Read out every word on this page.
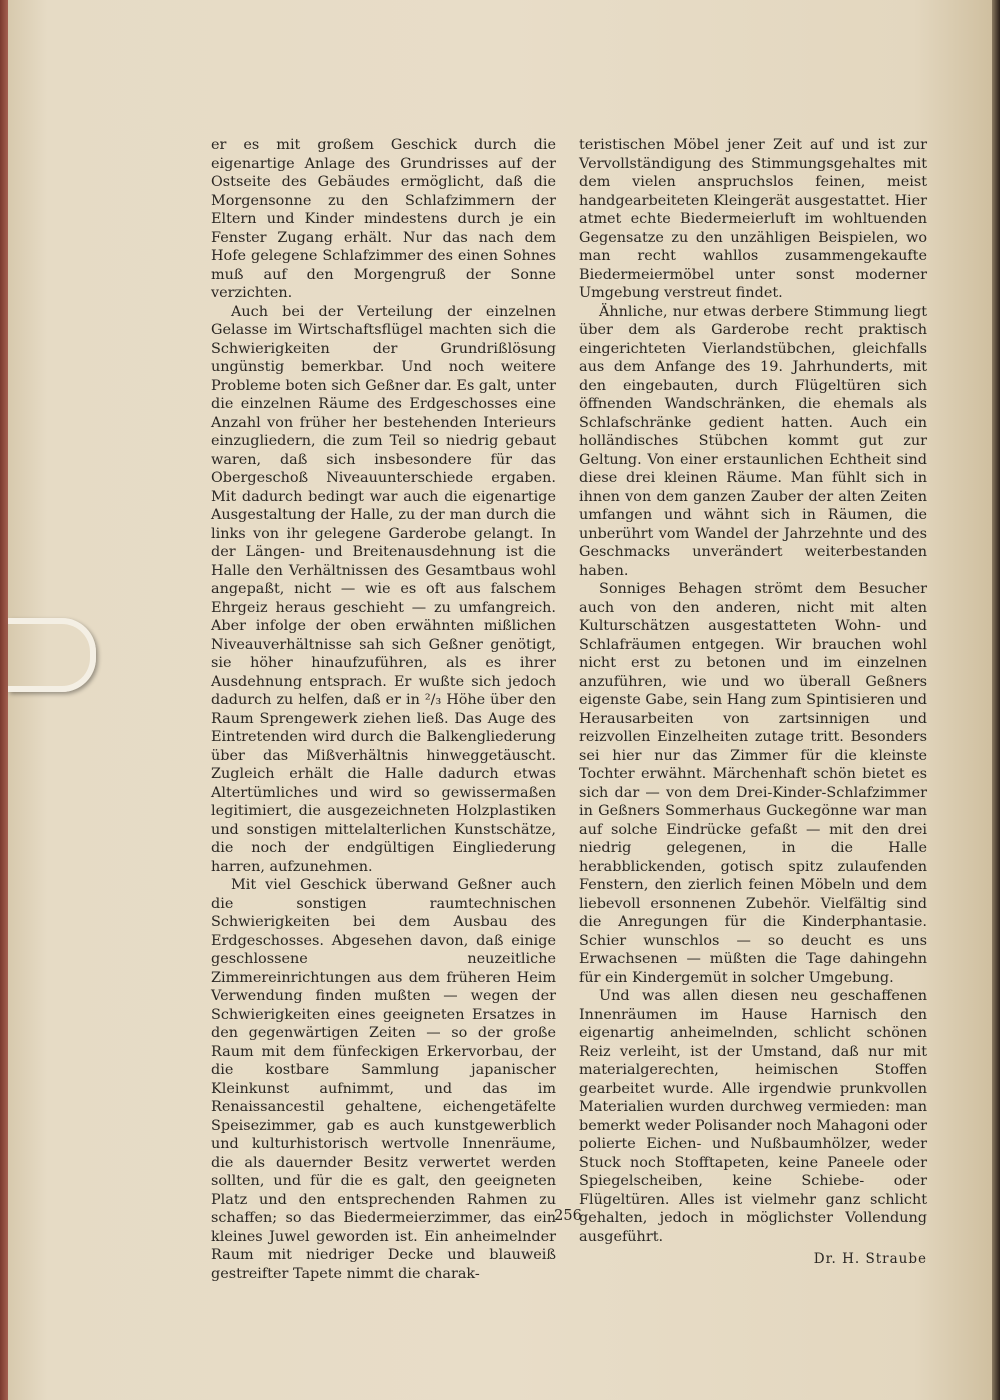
er es mit großem Geschick durch die eigenartige Anlage des Grundrisses auf der Ostseite des Gebäudes ermöglicht, daß die Morgensonne zu den Schlafzimmern der Eltern und Kinder mindestens durch je ein Fenster Zugang erhält. Nur das nach dem Hofe gelegene Schlafzimmer des einen Sohnes muß auf den Morgengruß der Sonne verzichten.

Auch bei der Verteilung der einzelnen Gelasse im Wirtschaftsflügel machten sich die Schwierigkeiten der Grundrißlösung ungünstig bemerkbar. Und noch weitere Probleme boten sich Geßner dar. Es galt, unter die einzelnen Räume des Erdgeschosses eine Anzahl von früher her bestehenden Interieurs einzugliedern, die zum Teil so niedrig gebaut waren, daß sich insbesondere für das Obergeschoß Niveauunterschiede ergaben. Mit dadurch bedingt war auch die eigenartige Ausgestaltung der Halle, zu der man durch die links von ihr gelegene Garderobe gelangt. In der Längen- und Breitenausdehnung ist die Halle den Verhältnissen des Gesamtbaus wohl angepaßt, nicht — wie es oft aus falschem Ehrgeiz heraus geschieht — zu umfangreich. Aber infolge der oben erwähnten mißlichen Niveauverhältnisse sah sich Geßner genötigt, sie höher hinaufzuführen, als es ihrer Ausdehnung entsprach. Er wußte sich jedoch dadurch zu helfen, daß er in ²/₃ Höhe über den Raum Sprengewerk ziehen ließ. Das Auge des Eintretenden wird durch die Balkengliederung über das Mißverhältnis hinweggetäuscht. Zugleich erhält die Halle dadurch etwas Altertümliches und wird so gewissermaßen legitimiert, die ausgezeichneten Holzplastiken und sonstigen mittelalterlichen Kunstschätze, die noch der endgültigen Eingliederung harren, aufzunehmen.

Mit viel Geschick überwand Geßner auch die sonstigen raumtechnischen Schwierigkeiten bei dem Ausbau des Erdgeschosses. Abgesehen davon, daß einige geschlossene neuzeitliche Zimmereinrichtungen aus dem früheren Heim Verwendung finden mußten — wegen der Schwierigkeiten eines geeigneten Ersatzes in den gegenwärtigen Zeiten — so der große Raum mit dem fünfeckigen Erkervorbau, der die kostbare Sammlung japanischer Kleinkunst aufnimmt, und das im Renaissancestil gehaltene, eichengetäfelte Speisezimmer, gab es auch kunstgewerblich und kulturhistorisch wertvolle Innenräume, die als dauernder Besitz verwertet werden sollten, und für die es galt, den geeigneten Platz und den entsprechenden Rahmen zu schaffen; so das Biedermeierzimmer, das ein kleines Juwel geworden ist. Ein anheimelnder Raum mit niedriger Decke und blauweiß gestreifter Tapete nimmt die charak-

teristischen Möbel jener Zeit auf und ist zur Vervollständigung des Stimmungsgehaltes mit dem vielen anspruchslos feinen, meist handgearbeiteten Kleingerät ausgestattet. Hier atmet echte Biedermeierluft im wohltuenden Gegensatze zu den unzähligen Beispielen, wo man recht wahllos zusammengekaufte Biedermeiermöbel unter sonst moderner Umgebung verstreut findet.

Ähnliche, nur etwas derbere Stimmung liegt über dem als Garderobe recht praktisch eingerichteten Vierlandstübchen, gleichfalls aus dem Anfange des 19. Jahrhunderts, mit den eingebauten, durch Flügeltüren sich öffnenden Wandschränken, die ehemals als Schlafschränke gedient hatten. Auch ein holländisches Stübchen kommt gut zur Geltung. Von einer erstaunlichen Echtheit sind diese drei kleinen Räume. Man fühlt sich in ihnen von dem ganzen Zauber der alten Zeiten umfangen und wähnt sich in Räumen, die unberührt vom Wandel der Jahrzehnte und des Geschmacks unverändert weiterbestanden haben.

Sonniges Behagen strömt dem Besucher auch von den anderen, nicht mit alten Kulturschätzen ausgestatteten Wohn- und Schlafräumen entgegen. Wir brauchen wohl nicht erst zu betonen und im einzelnen anzuführen, wie und wo überall Geßners eigenste Gabe, sein Hang zum Spintisieren und Herausarbeiten von zartsinnigen und reizvollen Einzelheiten zutage tritt. Besonders sei hier nur das Zimmer für die kleinste Tochter erwähnt. Märchenhaft schön bietet es sich dar — von dem Drei-Kinder-Schlafzimmer in Geßners Sommerhaus Guckegönne war man auf solche Eindrücke gefaßt — mit den drei niedrig gelegenen, in die Halle herabblickenden, gotisch spitz zulaufenden Fenstern, den zierlich feinen Möbeln und dem liebevoll ersonnenen Zubehör. Vielfältig sind die Anregungen für die Kinderphantasie. Schier wunschlos — so deucht es uns Erwachsenen — müßten die Tage dahingehn für ein Kindergemüt in solcher Umgebung.

Und was allen diesen neu geschaffenen Innenräumen im Hause Harnisch den eigenartig anheimelnden, schlicht schönen Reiz verleiht, ist der Umstand, daß nur mit materialgerechten, heimischen Stoffen gearbeitet wurde. Alle irgendwie prunkvollen Materialien wurden durchweg vermieden: man bemerkt weder Polisander noch Mahagoni oder polierte Eichen- und Nußbaumhölzer, weder Stuck noch Stofftapeten, keine Paneele oder Spiegelscheiben, keine Schiebe- oder Flügeltüren. Alles ist vielmehr ganz schlicht gehalten, jedoch in möglichster Vollendung ausgeführt.

Dr. H. Straube
256
